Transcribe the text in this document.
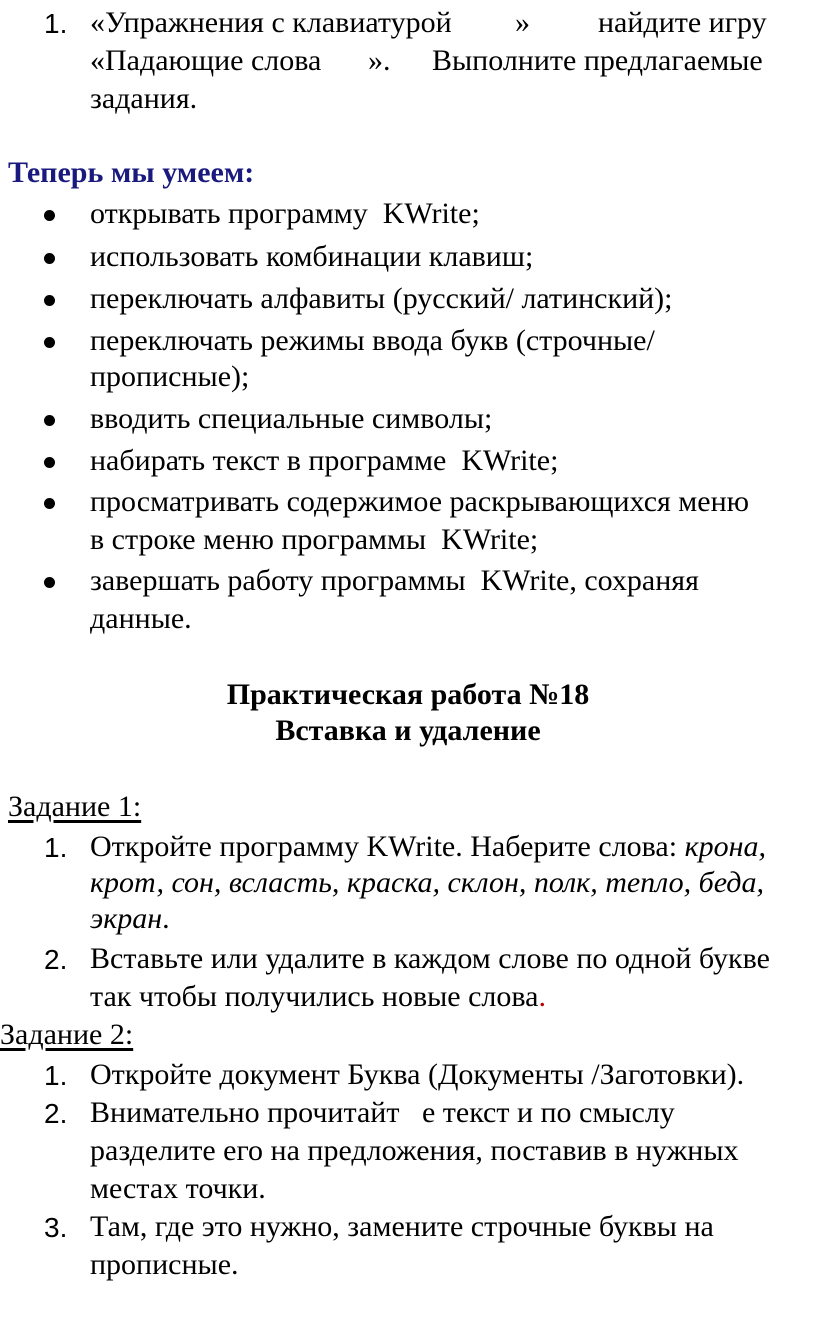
1. «Упражнения с клавиатурой » найдите игру
«Падающие слова ». Выполните предлагаемые
задания.
Теперь мы умеем:
открывать программу  KWrite;
использовать комбинации клавиш;
переключать алфавиты (русский/ латинский);
переключать режимы ввода букв (строчные/
прописные);
вводить специальные символы;
набирать текст в программе  KWrite;
просматривать содержимое раскрывающихся меню
в строке меню программы  KWrite;
завершать работу программы  KWrite, сохраняя
данные.
Практическая работа №18
Вставка и удаление
Задание 1:
1. Откройте программу KWrite. Наберите слова: крона,
крот, сон, всласть, краска, склон, полк, тепло, беда,
экран.
2. Вставьте или удалите в каждом слове по одной букве
так чтобы получились новые слова.
Задание 2:
1. Откройте документ Буква (Документы /Заготовки).
2. Внимательно прочитайт   е текст и по смыслу
разделите его на предложения, поставив в нужных
местах точки.
3. Там, где это нужно, замените строчные буквы на
прописные.
